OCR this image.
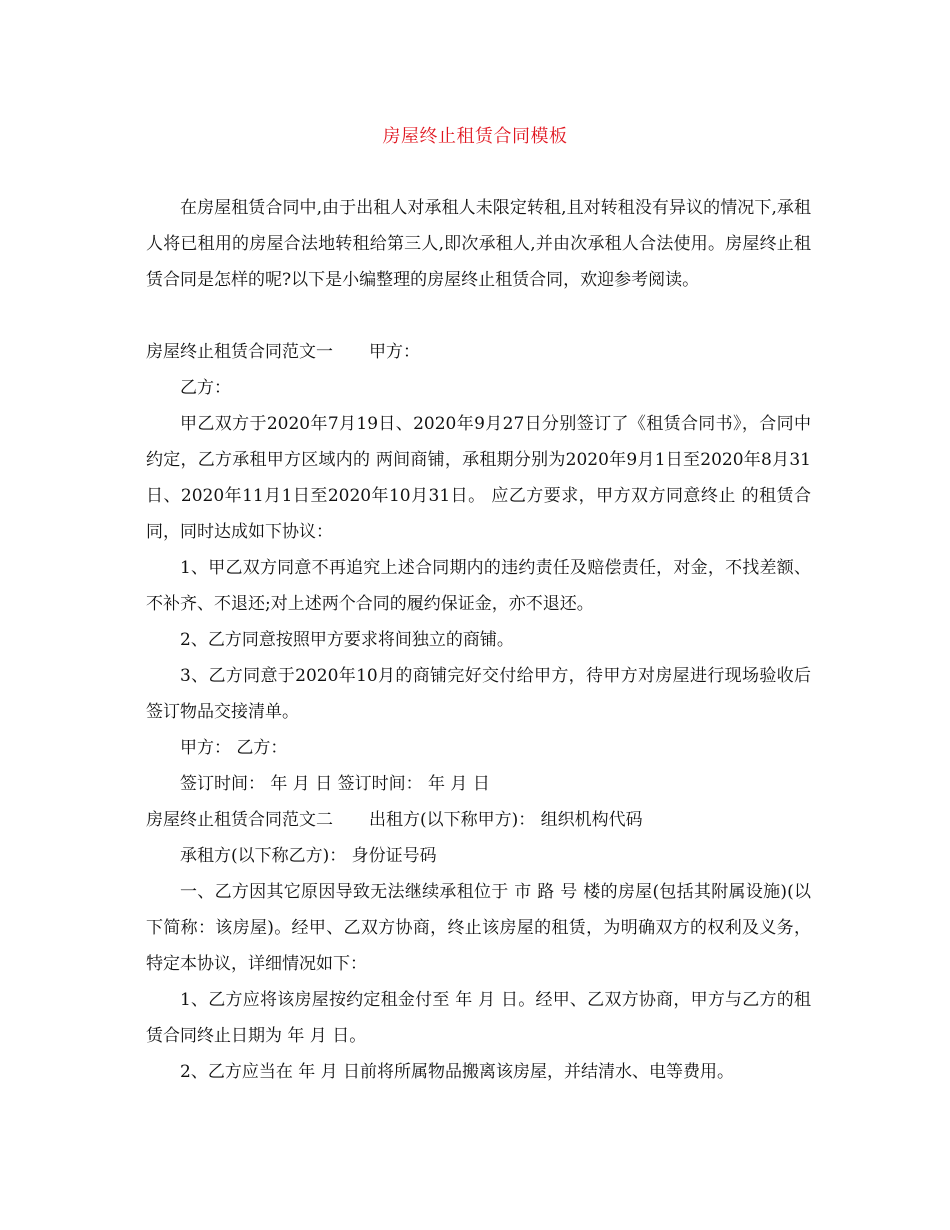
房屋终止租赁合同模板

在房屋租赁合同中,由于出租人对承租人未限定转租,且对转租没有异议的情况下,承租人将已租用的房屋合法地转租给第三人,即次承租人,并由次承租人合法使用。房屋终止租赁合同是怎样的呢?以下是小编整理的房屋终止租赁合同，欢迎参考阅读。

房屋终止租赁合同范文一 甲方：

乙方：

甲乙双方于2020年7月19日、2020年9月27日分别签订了《租赁合同书》，合同中约定，乙方承租甲方区域内的 两间商铺，承租期分别为2020年9月1日至2020年8月31日、2020年11月1日至2020年10月31日。 应乙方要求，甲方双方同意终止 的租赁合同，同时达成如下协议：

1、甲乙双方同意不再追究上述合同期内的违约责任及赔偿责任，对金，不找差额、不补齐、不退还;对上述两个合同的履约保证金，亦不退还。

2、乙方同意按照甲方要求将间独立的商铺。

3、乙方同意于2020年10月的商铺完好交付给甲方，待甲方对房屋进行现场验收后签订物品交接清单。

甲方： 乙方：

签订时间： 年 月 日 签订时间： 年 月 日

房屋终止租赁合同范文二 出租方(以下称甲方)： 组织机构代码

承租方(以下称乙方)： 身份证号码

一、乙方因其它原因导致无法继续承租位于 市 路 号 楼的房屋(包括其附属设施)(以下简称：该房屋)。经甲、乙双方协商，终止该房屋的租赁，为明确双方的权利及义务，特定本协议，详细情况如下：

1、乙方应将该房屋按约定租金付至 年 月 日。经甲、乙双方协商，甲方与乙方的租赁合同终止日期为 年 月 日。

2、乙方应当在 年 月 日前将所属物品搬离该房屋，并结清水、电等费用。
